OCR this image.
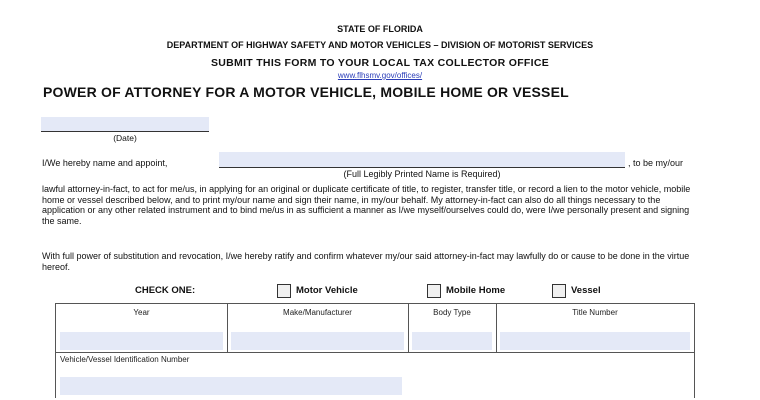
STATE OF FLORIDA
DEPARTMENT OF HIGHWAY SAFETY AND MOTOR VEHICLES – DIVISION OF MOTORIST SERVICES
SUBMIT THIS FORM TO YOUR LOCAL TAX COLLECTOR OFFICE
www.flhsmv.gov/offices/
POWER OF ATTORNEY FOR A MOTOR VEHICLE, MOBILE HOME OR VESSEL
(Date)
I/We hereby name and appoint,	, to be my/our
(Full Legibly Printed Name is Required)
lawful attorney-in-fact, to act for me/us, in applying for an original or duplicate certificate of title, to register, transfer title, or record a lien to the motor vehicle, mobile home or vessel described below, and to print my/our name and sign their name, in my/our behalf. My attorney-in-fact can also do all things necessary to the application or any other related instrument and to bind me/us in as sufficient a manner as I/we myself/ourselves could do, were I/we personally present and signing the same.
With full power of substitution and revocation, I/we hereby ratify and confirm whatever my/our said attorney-in-fact may lawfully do or cause to be done in the virtue hereof.
CHECK ONE:	Motor Vehicle	Mobile Home	Vessel
Year	Make/Manufacturer	Body Type	Title Number
Vehicle/Vessel Identification Number
